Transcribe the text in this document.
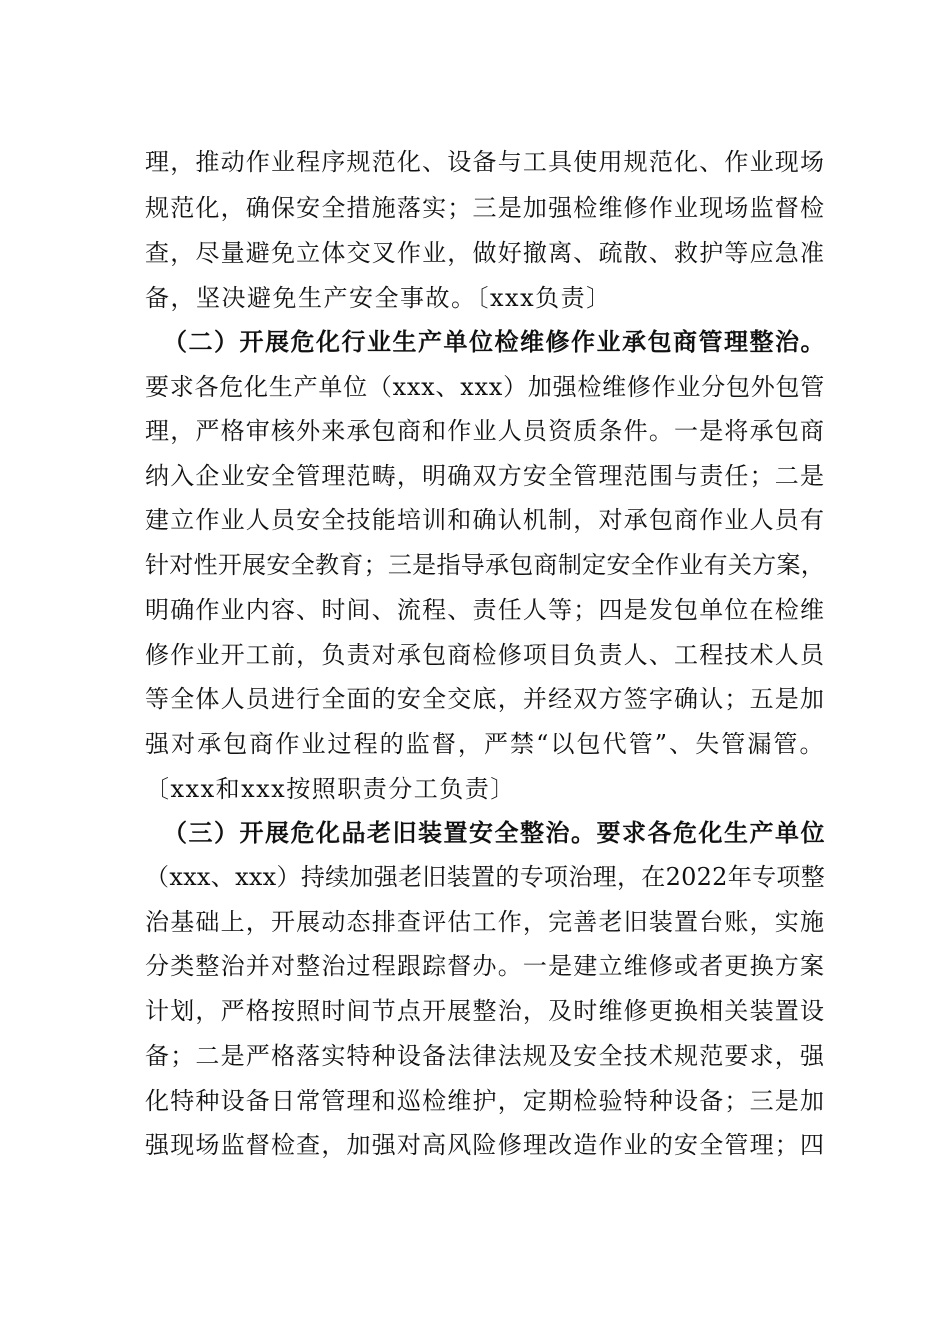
理，推动作业程序规范化、设备与工具使用规范化、作业现场
规范化，确保安全措施落实；三是加强检维修作业现场监督检
查，尽量避免立体交叉作业，做好撤离、疏散、救护等应急准
备，坚决避免生产安全事故。〔xxx负责〕
（二）开展危化行业生产单位检维修作业承包商管理整治。
要求各危化生产单位（xxx、xxx）加强检维修作业分包外包管
理，严格审核外来承包商和作业人员资质条件。一是将承包商
纳入企业安全管理范畴，明确双方安全管理范围与责任；二是
建立作业人员安全技能培训和确认机制，对承包商作业人员有
针对性开展安全教育；三是指导承包商制定安全作业有关方案，
明确作业内容、时间、流程、责任人等；四是发包单位在检维
修作业开工前，负责对承包商检修项目负责人、工程技术人员
等全体人员进行全面的安全交底，并经双方签字确认；五是加
强对承包商作业过程的监督，严禁“以包代管”、失管漏管。
〔xxx和xxx按照职责分工负责〕
（三）开展危化品老旧装置安全整治。要求各危化生产单位
（xxx、xxx）持续加强老旧装置的专项治理，在2022年专项整
治基础上，开展动态排查评估工作，完善老旧装置台账，实施
分类整治并对整治过程跟踪督办。一是建立维修或者更换方案
计划，严格按照时间节点开展整治，及时维修更换相关装置设
备；二是严格落实特种设备法律法规及安全技术规范要求，强
化特种设备日常管理和巡检维护，定期检验特种设备；三是加
强现场监督检查，加强对高风险修理改造作业的安全管理；四
